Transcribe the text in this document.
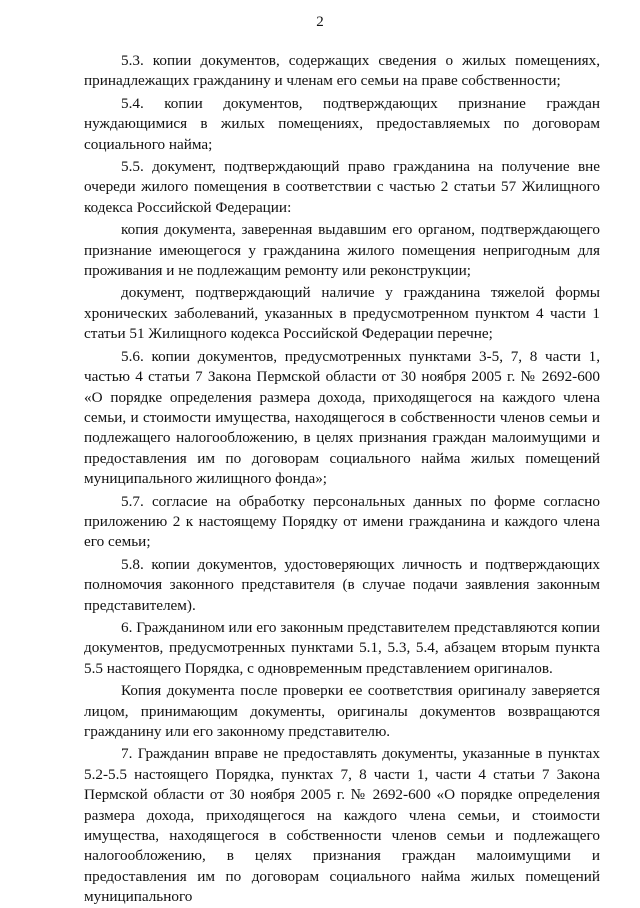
2

5.3. копии документов, содержащих сведения о жилых помещениях, принадлежащих гражданину и членам его семьи на праве собственности;

5.4. копии документов, подтверждающих признание граждан нуждающимися в жилых помещениях, предоставляемых по договорам социального найма;

5.5. документ, подтверждающий право гражданина на получение вне очереди жилого помещения в соответствии с частью 2 статьи 57 Жилищного кодекса Российской Федерации:

копия документа, заверенная выдавшим его органом, подтверждающего признание имеющегося у гражданина жилого помещения непригодным для проживания и не подлежащим ремонту или реконструкции;

документ, подтверждающий наличие у гражданина тяжелой формы хронических заболеваний, указанных в предусмотренном пунктом 4 части 1 статьи 51 Жилищного кодекса Российской Федерации перечне;

5.6. копии документов, предусмотренных пунктами 3-5, 7, 8 части 1, частью 4 статьи 7 Закона Пермской области от 30 ноября 2005 г. № 2692-600 «О порядке определения размера дохода, приходящегося на каждого члена семьи, и стоимости имущества, находящегося в собственности членов семьи и подлежащего налогообложению, в целях признания граждан малоимущими и предоставления им по договорам социального найма жилых помещений муниципального жилищного фонда»;

5.7. согласие на обработку персональных данных по форме согласно приложению 2 к настоящему Порядку от имени гражданина и каждого члена его семьи;

5.8. копии документов, удостоверяющих личность и подтверждающих полномочия законного представителя (в случае подачи заявления законным представителем).

6. Гражданином или его законным представителем представляются копии документов, предусмотренных пунктами 5.1, 5.3, 5.4, абзацем вторым пункта 5.5 настоящего Порядка, с одновременным представлением оригиналов.

Копия документа после проверки ее соответствия оригиналу заверяется лицом, принимающим документы, оригиналы документов возвращаются гражданину или его законному представителю.

7. Гражданин вправе не предоставлять документы, указанные в пунктах 5.2-5.5 настоящего Порядка, пунктах 7, 8 части 1, части 4 статьи 7 Закона Пермской области от 30 ноября 2005 г. № 2692-600 «О порядке определения размера дохода, приходящегося на каждого члена семьи, и стоимости имущества, находящегося в собственности членов семьи и подлежащего налогообложению, в целях признания граждан малоимущими и предоставления им по договорам социального найма жилых помещений муниципального
